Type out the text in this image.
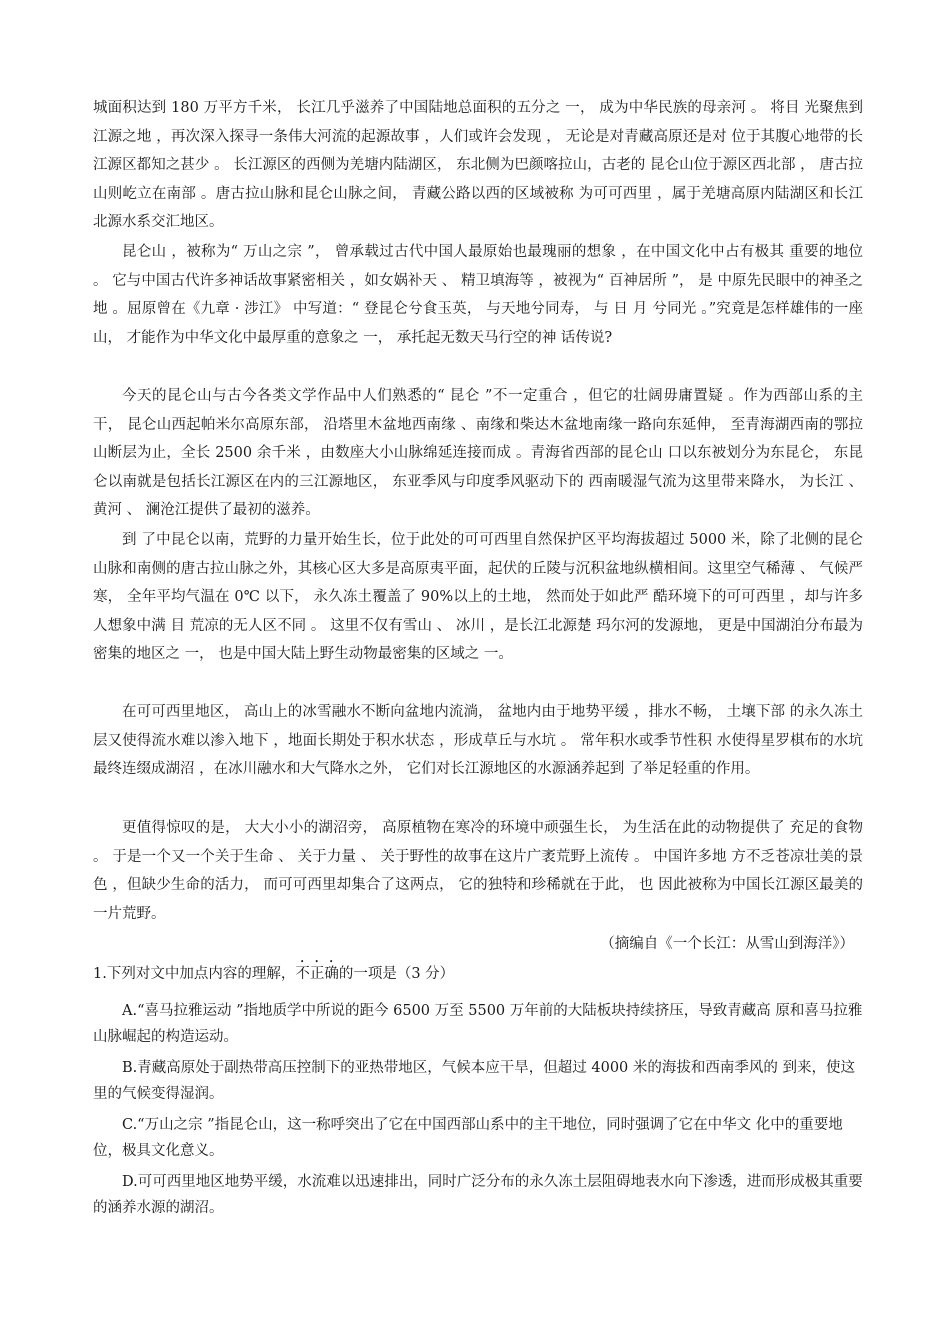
城面积达到 180 万平方千米， 长江几乎滋养了中国陆地总面积的五分之 一， 成为中华民族的母亲河 。 将目 光聚焦到江源之地 ，再次深入探寻一条伟大河流的起源故事 ，人们或许会发现 ， 无论是对青藏高原还是对 位于其腹心地带的长江源区都知之甚少 。 长江源区的西侧为羌塘内陆湖区， 东北侧为巴颜喀拉山，古老的 昆仑山位于源区西北部 ， 唐古拉山则屹立在南部 。唐古拉山脉和昆仑山脉之间， 青藏公路以西的区域被称 为可可西里 ，属于羌塘高原内陆湖区和长江北源水系交汇地区。

昆仑山 ，被称为“ 万山之宗 ”， 曾承载过古代中国人最原始也最瑰丽的想象 ，在中国文化中占有极其 重要的地位 。 它与中国古代许多神话故事紧密相关 ，如女娲补天 、 精卫填海等 ，被视为“ 百神居所 ”， 是 中原先民眼中的神圣之地 。屈原曾在《九章 · 涉江》 中写道：“ 登昆仑兮食玉英， 与天地兮同寿， 与 日 月 兮同光 。”究竟是怎样雄伟的一座山， 才能作为中华文化中最厚重的意象之 一， 承托起无数天马行空的神 话传说?

今天的昆仑山与古今各类文学作品中人们熟悉的“ 昆仑 ”不一定重合 ，但它的壮阔毋庸置疑 。作为西部山系的主干， 昆仑山西起帕米尔高原东部， 沿塔里木盆地西南缘 、南缘和柴达木盆地南缘一路向东延伸， 至青海湖西南的鄂拉山断层为止，全长 2500 余千米 ，由数座大小山脉绵延连接而成 。青海省西部的昆仑山 口以东被划分为东昆仑， 东昆仑以南就是包括长江源区在内的三江源地区， 东亚季风与印度季风驱动下的 西南暖湿气流为这里带来降水， 为长江 、 黄河 、 澜沧江提供了最初的滋养。

到 了中昆仑以南，荒野的力量开始生长，位于此处的可可西里自然保护区平均海拔超过 5000 米，除了北侧的昆仑山脉和南侧的唐古拉山脉之外，其核心区大多是高原夷平面，起伏的丘陵与沉积盆地纵横相间。这里空气稀薄 、 气候严寒， 全年平均气温在 0℃ 以下， 永久冻土覆盖了 90%以上的土地， 然而处于如此严 酷环境下的可可西里 ，却与许多人想象中满 目 荒凉的无人区不同 。 这里不仅有雪山 、 冰川 ，是长江北源楚 玛尔河的发源地， 更是中国湖泊分布最为密集的地区之 一， 也是中国大陆上野生动物最密集的区域之 一。

在可可西里地区， 高山上的冰雪融水不断向盆地内流淌， 盆地内由于地势平缓 ，排水不畅， 土壤下部 的永久冻土层又使得流水难以渗入地下 ，地面长期处于积水状态 ，形成草丘与水坑 。 常年积水或季节性积 水使得星罗棋布的水坑最终连缀成湖沼 ，在冰川融水和大气降水之外， 它们对长江源地区的水源涵养起到 了举足轻重的作用。

更值得惊叹的是， 大大小小的湖沼旁， 高原植物在寒冷的环境中顽强生长， 为生活在此的动物提供了 充足的食物 。 于是一个又一个关于生命 、 关于力量 、 关于野性的故事在这片广袤荒野上流传 。 中国许多地 方不乏苍凉壮美的景色 ，但缺少生命的活力， 而可可西里却集合了这两点， 它的独特和珍稀就在于此， 也 因此被称为中国长江源区最美的一片荒野。

（摘编自《一个长江：从雪山到海洋》）

1.下列对文中加点内容的理解，不正确的一项是（3 分）

A.“喜马拉雅运动 ”指地质学中所说的距今 6500 万至 5500 万年前的大陆板块持续挤压，导致青藏高 原和喜马拉雅山脉崛起的构造运动。

B.青藏高原处于副热带高压控制下的亚热带地区，气候本应干旱，但超过 4000 米的海拔和西南季风的 到来，使这里的气候变得湿润。

C.“万山之宗 ”指昆仑山，这一称呼突出了它在中国西部山系中的主干地位，同时强调了它在中华文 化中的重要地位，极具文化意义。

D.可可西里地区地势平缓，水流难以迅速排出，同时广泛分布的永久冻土层阻碍地表水向下渗透，进而形成极其重要的涵养水源的湖沼。
